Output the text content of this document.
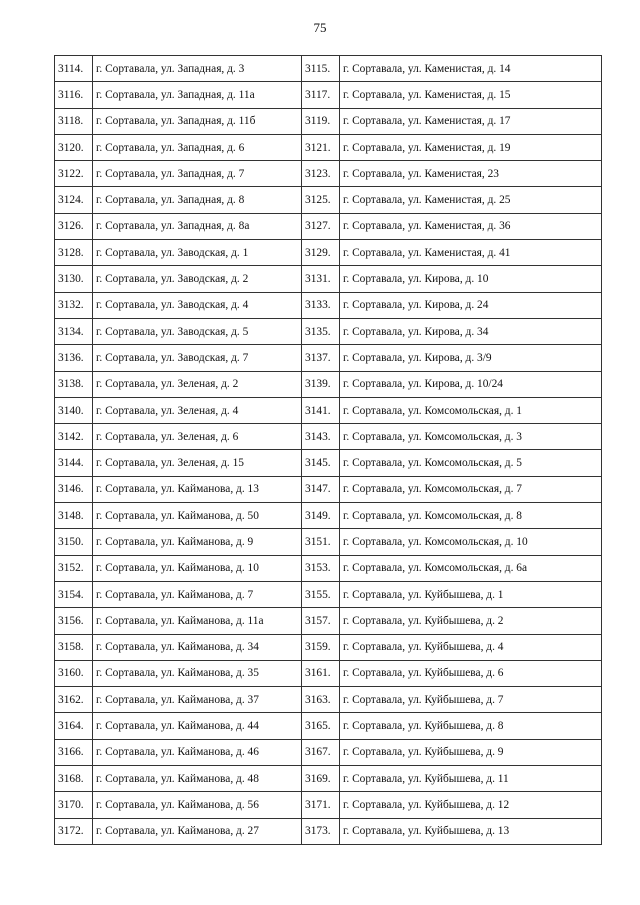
75
3114.	г. Сортавала, ул. Западная, д. 3	3115.	г. Сортавала, ул. Каменистая, д. 14
3116.	г. Сортавала, ул. Западная, д. 11а	3117.	г. Сортавала, ул. Каменистая, д. 15
3118.	г. Сортавала, ул. Западная, д. 11б	3119.	г. Сортавала, ул. Каменистая, д. 17
3120.	г. Сортавала, ул. Западная, д. 6	3121.	г. Сортавала, ул. Каменистая, д. 19
3122.	г. Сортавала, ул. Западная, д. 7	3123.	г. Сортавала, ул. Каменистая, 23
3124.	г. Сортавала, ул. Западная, д. 8	3125.	г. Сортавала, ул. Каменистая, д. 25
3126.	г. Сортавала, ул. Западная, д. 8а	3127.	г. Сортавала, ул. Каменистая, д. 36
3128.	г. Сортавала, ул. Заводская, д. 1	3129.	г. Сортавала, ул. Каменистая, д. 41
3130.	г. Сортавала, ул. Заводская, д. 2	3131.	г. Сортавала, ул. Кирова, д. 10
3132.	г. Сортавала, ул. Заводская, д. 4	3133.	г. Сортавала, ул. Кирова, д. 24
3134.	г. Сортавала, ул. Заводская, д. 5	3135.	г. Сортавала, ул. Кирова, д. 34
3136.	г. Сортавала, ул. Заводская, д. 7	3137.	г. Сортавала, ул. Кирова, д. 3/9
3138.	г. Сортавала, ул. Зеленая, д. 2	3139.	г. Сортавала, ул. Кирова, д. 10/24
3140.	г. Сортавала, ул. Зеленая, д. 4	3141.	г. Сортавала, ул. Комсомольская, д. 1
3142.	г. Сортавала, ул. Зеленая, д. 6	3143.	г. Сортавала, ул. Комсомольская, д. 3
3144.	г. Сортавала, ул. Зеленая, д. 15	3145.	г. Сортавала, ул. Комсомольская, д. 5
3146.	г. Сортавала, ул. Кайманова, д. 13	3147.	г. Сортавала, ул. Комсомольская, д. 7
3148.	г. Сортавала, ул. Кайманова, д. 50	3149.	г. Сортавала, ул. Комсомольская, д. 8
3150.	г. Сортавала, ул. Кайманова, д. 9	3151.	г. Сортавала, ул. Комсомольская, д. 10
3152.	г. Сортавала, ул. Кайманова, д. 10	3153.	г. Сортавала, ул. Комсомольская, д. 6а
3154.	г. Сортавала, ул. Кайманова, д. 7	3155.	г. Сортавала, ул. Куйбышева, д. 1
3156.	г. Сортавала, ул. Кайманова, д. 11а	3157.	г. Сортавала, ул. Куйбышева, д. 2
3158.	г. Сортавала, ул. Кайманова, д. 34	3159.	г. Сортавала, ул. Куйбышева, д. 4
3160.	г. Сортавала, ул. Кайманова, д. 35	3161.	г. Сортавала, ул. Куйбышева, д. 6
3162.	г. Сортавала, ул. Кайманова, д. 37	3163.	г. Сортавала, ул. Куйбышева, д. 7
3164.	г. Сортавала, ул. Кайманова, д. 44	3165.	г. Сортавала, ул. Куйбышева, д. 8
3166.	г. Сортавала, ул. Кайманова, д. 46	3167.	г. Сортавала, ул. Куйбышева, д. 9
3168.	г. Сортавала, ул. Кайманова, д. 48	3169.	г. Сортавала, ул. Куйбышева, д. 11
3170.	г. Сортавала, ул. Кайманова, д. 56	3171.	г. Сортавала, ул. Куйбышева, д. 12
3172.	г. Сортавала, ул. Кайманова, д. 27	3173.	г. Сортавала, ул. Куйбышева, д. 13
